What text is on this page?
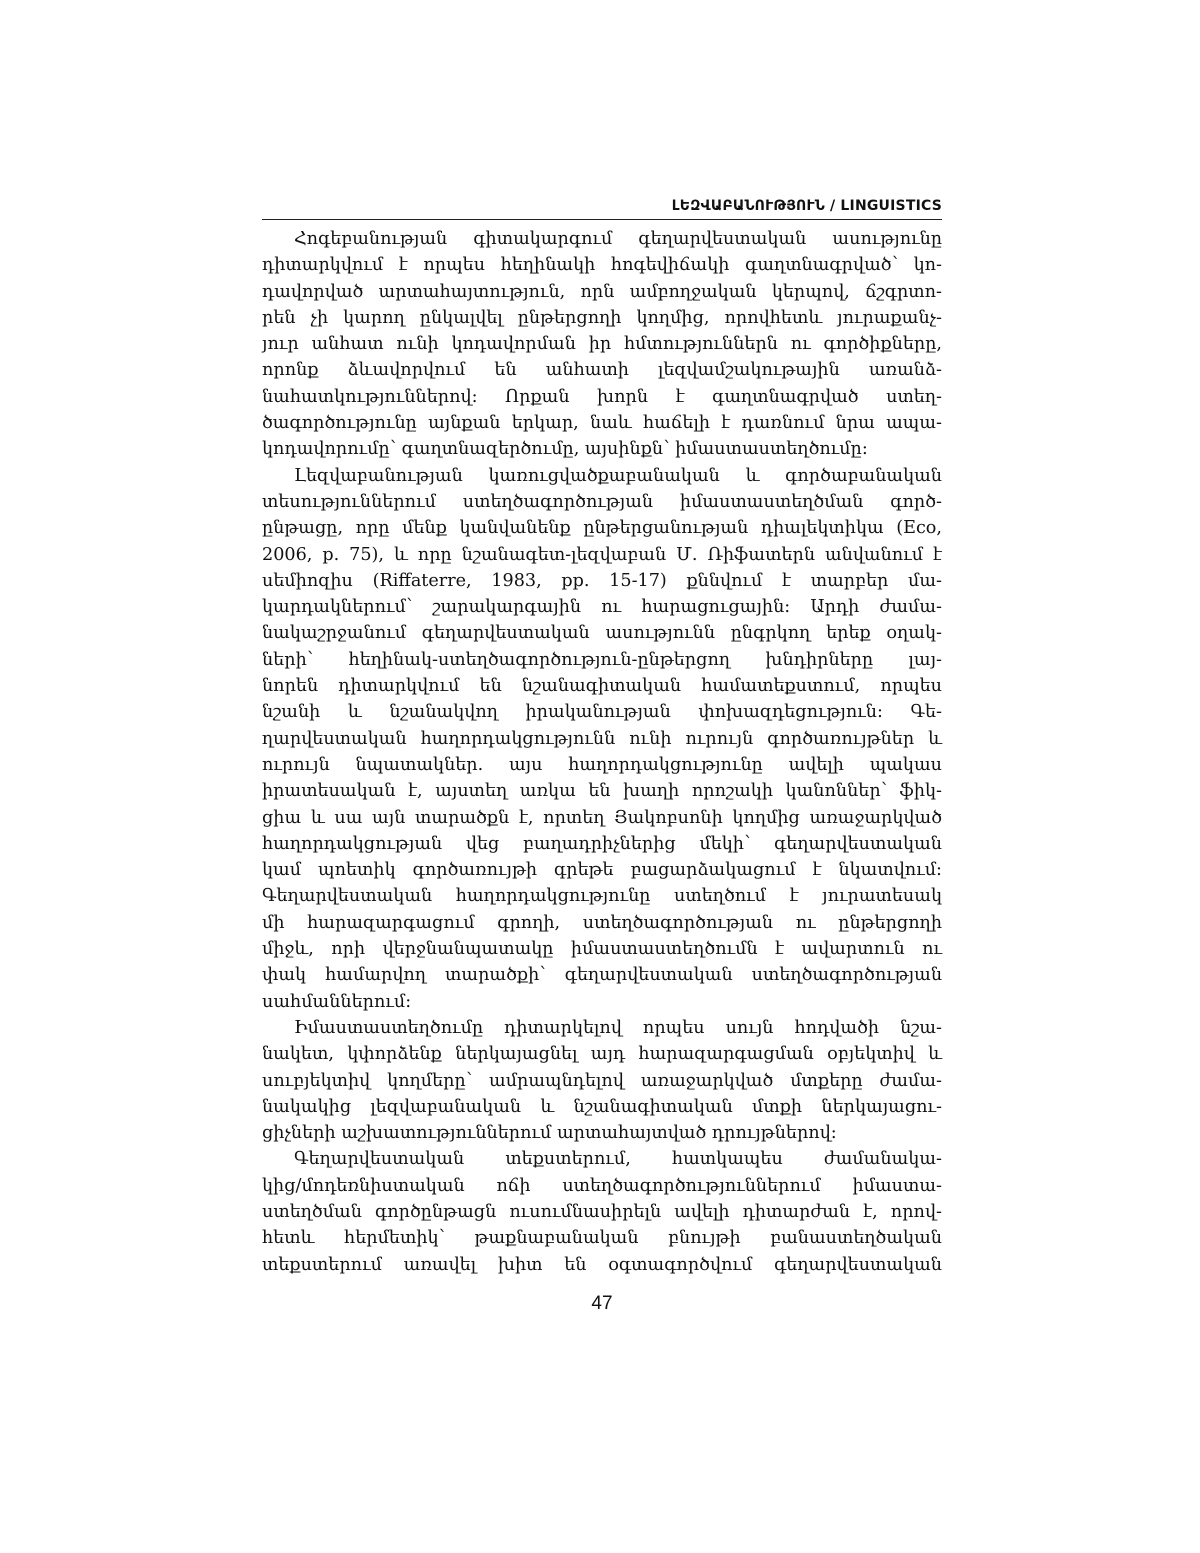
ԼԵԶՎԱԲԱՆՈՒԹՅՈՒՆ / LINGUISTICS
Հոգեբանության գիտակարգում գեղարվեստական ասությունը
դիտարկվում է որպես հեղինակի հոգեվիճակի գաղտնագրված՝ կո-
դավորված արտահայտություն, որն ամբողջական կերպով, ճշգրտո-
րեն չի կարող ընկալվել ընթերցողի կողմից, որովհետև յուրաքանչ-
յուր անհատ ունի կոդավորման իր հմտություններն ու գործիքները,
որոնք ձևավորվում են անհատի լեզվամշակութային առանձ-
նահատկություններով: Որքան խորն է գաղտնագրված ստեղ-
ծագործությունը այնքան երկար, նաև հաճելի է դառնում նրա ապա-
կոդավորումը՝ գաղտնազերծումը, այսինքն՝ իմաստաստեղծումը:
Լեզվաբանության կառուցվածքաբանական և գործաբանական
տեսություններում ստեղծագործության իմաստաստեղծման գործ-
ընթացը, որը մենք կանվանենք ընթերցանության դիալեկտիկա (Eco,
2006, p. 75), և որը նշանագետ-լեզվաբան Մ. Ռիֆատերն անվանում է
սեմիոզիս (Riffaterre, 1983, pp. 15-17) քննվում է տարբեր մա-
կարդակներում՝ շարակարգային ու հարացուցային: Արդի ժամա-
նակաշրջանում գեղարվեստական ասությունն ընգրկող երեք օղակ-
ների՝ հեղինակ-ստեղծագործություն-ընթերցող խնդիրները լայ-
նորեն դիտարկվում են նշանագիտական համատեքստում, որպես
նշանի և նշանակվող իրականության փոխազդեցություն: Գե-
ղարվեստական հաղորդակցությունն ունի ուրույն գործառույթներ և
ուրույն նպատակներ. այս հաղորդակցությունը ավելի պակաս
իրատեսական է, այստեղ առկա են խաղի որոշակի կանոններ՝ ֆիկ-
ցիա և սա այն տարածքն է, որտեղ Յակոբսոնի կողմից առաջարկված
հաղորդակցության վեց բաղադրիչներից մեկի՝ գեղարվեստական
կամ պոետիկ գործառույթի գրեթե բացարձակացում է նկատվում:
Գեղարվեստական հաղորդակցությունը ստեղծում է յուրատեսակ
մի հարազարգացում գրողի, ստեղծագործության ու ընթերցողի
միջև, որի վերջնանպատակը իմաստաստեղծումն է ավարտուն ու
փակ համարվող տարածքի՝ գեղարվեստական ստեղծագործության
սահմաններում:
Իմաստաստեղծումը դիտարկելով որպես սույն հոդվածի նշա-
նակետ, կփորձենք ներկայացնել այդ հարազարգացման օբյեկտիվ և
սուբյեկտիվ կողմերը՝ ամրապնդելով առաջարկված մտքերը ժամա-
նակակից լեզվաբանական և նշանագիտական մտքի ներկայացու-
ցիչների աշխատություններում արտահայտված դրույթներով:
Գեղարվեստական տեքստերում, հատկապես ժամանակա-
կից/մոդեռնիստական ոճի ստեղծագործություններում իմաստա-
ստեղծման գործընթացն ուսումնասիրելն ավելի դիտարժան է, որով-
հետև հերմետիկ՝ թաքնաբանական բնույթի բանաստեղծական
տեքստերում առավել խիտ են օգտագործվում գեղարվեստական
47
